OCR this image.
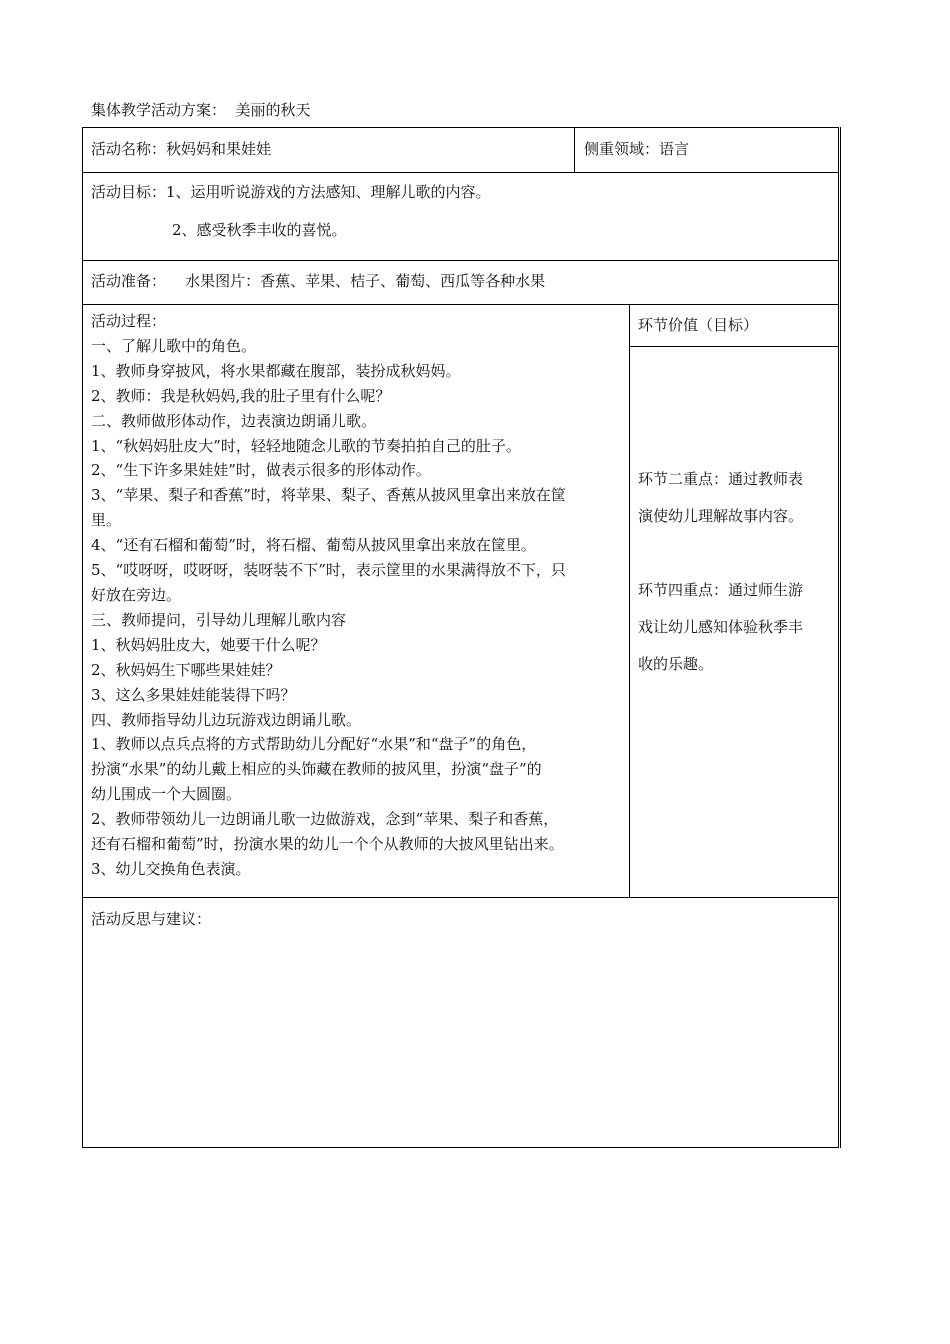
集体教学活动方案：  美丽的秋天
活动名称：秋妈妈和果娃娃	侧重领域：语言
活动目标：1、运用听说游戏的方法感知、理解儿歌的内容。
2、感受秋季丰收的喜悦。
活动准备：    水果图片：香蕉、苹果、桔子、葡萄、西瓜等各种水果
活动过程：
一、了解儿歌中的角色。
1、教师身穿披风，将水果都藏在腹部，装扮成秋妈妈。
2、教师：我是秋妈妈,我的肚子里有什么呢？
二、教师做形体动作，边表演边朗诵儿歌。
1、“秋妈妈肚皮大”时，轻轻地随念儿歌的节奏拍拍自己的肚子。
2、“生下许多果娃娃”时，做表示很多的形体动作。
3、“苹果、梨子和香蕉”时，将苹果、梨子、香蕉从披风里拿出来放在筐
里。
4、“还有石榴和葡萄”时，将石榴、葡萄从披风里拿出来放在筐里。
5、“哎呀呀，哎呀呀，装呀装不下”时，表示筐里的水果满得放不下，只
好放在旁边。
三、教师提问，引导幼儿理解儿歌内容
1、秋妈妈肚皮大，她要干什么呢？
2、秋妈妈生下哪些果娃娃？
3、这么多果娃娃能装得下吗？
四、教师指导幼儿边玩游戏边朗诵儿歌。
1、教师以点兵点将的方式帮助幼儿分配好“水果”和“盘子”的角色，
扮演“水果”的幼儿戴上相应的头饰藏在教师的披风里，扮演“盘子”的
幼儿围成一个大圆圈。
2、教师带领幼儿一边朗诵儿歌一边做游戏，念到“苹果、梨子和香蕉，
还有石榴和葡萄”时，扮演水果的幼儿一个个从教师的大披风里钻出来。
3、幼儿交换角色表演。
环节价值（目标）
环节二重点：通过教师表
演使幼儿理解故事内容。
环节四重点：通过师生游
戏让幼儿感知体验秋季丰
收的乐趣。
活动反思与建议：
